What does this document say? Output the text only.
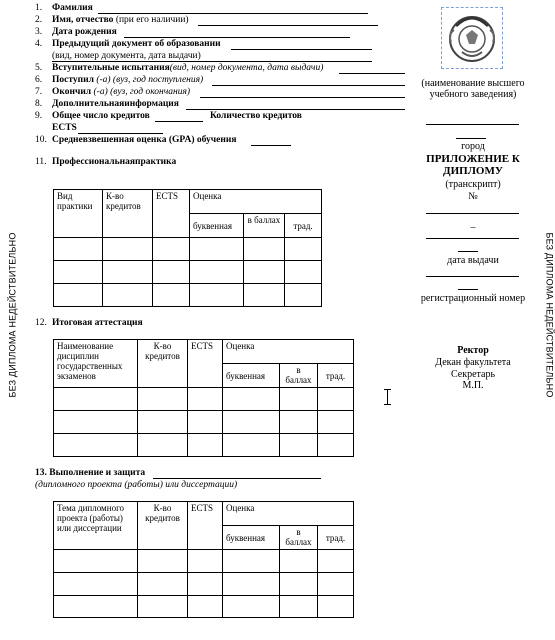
БЕЗ ДИПЛОМА НЕДЕЙСТВИТЕЛЬНО	БЕЗ ДИПЛОМА НЕДЕЙСТВИТЕЛЬНО
1. Фамилия
2. Имя, отчество (при его наличии)
3. Дата рождения
4. Предыдущий документ об образовании
(вид, номер документа, дата выдачи)
5. Вступительные испытания(вид, номер документа, дата выдачи)
6. Поступил (-а) (вуз, год поступления)
7. Окончил (-а) (вуз, год окончания)
8. Дополнительнаяинформация
9. Общее число кредитов	Количество кредитов
ECTS
10. Средневзвешенная оценка (GPA) обучения
11. Профессиональнаяпрактика
Вид практики	К-во кредитов	ECTS	Оценка		
			буквенная	в баллах	трад.

12. Итоговая аттестация
Наименование дисциплин государственных экзаменов	К-во кредитов	ECTS	Оценка		
			буквенная	в баллах	трад.

13. Выполнение и защита
(дипломного проекта (работы) или диссертации)
Тема дипломного проекта (работы) или диссертации	К-во кредитов	ECTS	Оценка		
			буквенная	в баллах	трад.

(наименование высшего учебного заведения)
город
ПРИЛОЖЕНИЕ К ДИПЛОМУ
(транскрипт)
№
–
дата выдачи
регистрационный номер
Ректор
Декан факультета
Секретарь
М.П.
